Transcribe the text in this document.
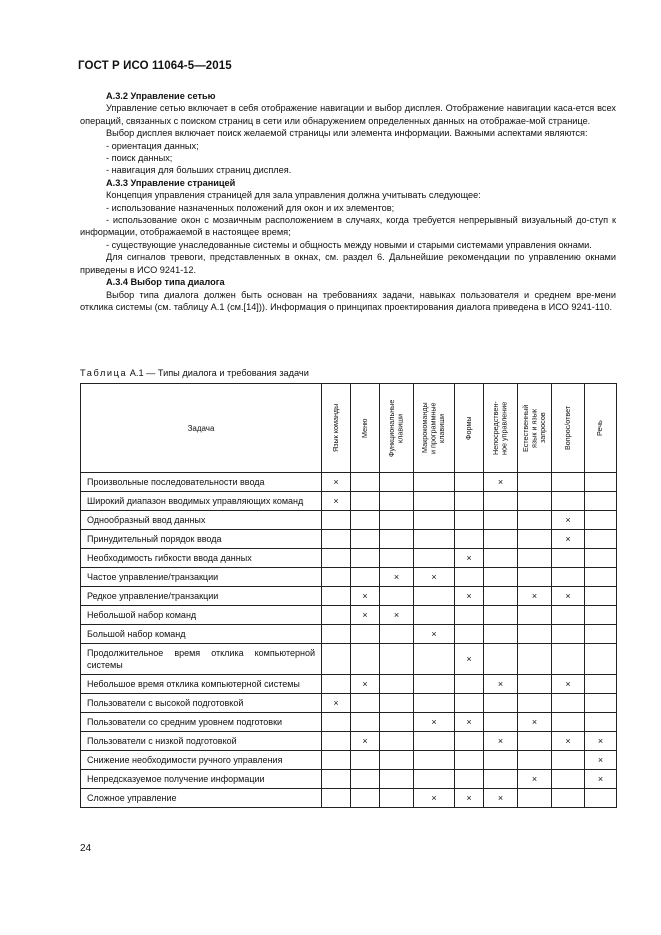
ГОСТ Р ИСО 11064-5—2015

А.3.2 Управление сетью

Управление сетью включает в себя отображение навигации и выбор дисплея. Отображение навигации каса-ется всех операций, связанных с поиском страниц в сети или обнаружением определенных данных на отображае-мой странице.

Выбор дисплея включает поиск желаемой страницы или элемента информации. Важными аспектами являются:

- ориентация данных;

- поиск данных;

- навигация для больших страниц дисплея.

А.3.3 Управление страницей

Концепция управления страницей для зала управления должна учитывать следующее:

- использование назначенных положений для окон и их элементов;

- использование окон с мозаичным расположением в случаях, когда требуется непрерывный визуальный до-ступ к информации, отображаемой в настоящее время;

- существующие унаследованные системы и общность между новыми и старыми системами управления окнами.

Для сигналов тревоги, представленных в окнах, см. раздел 6. Дальнейшие рекомендации по управлению окнами приведены в ИСО 9241-12.

А.3.4 Выбор типа диалога

Выбор типа диалога должен быть основан на требованиях задачи, навыках пользователя и среднем вре-мени отклика системы (см. таблицу А.1 (см.[14])). Информация о принципах проектирования диалога приведена в ИСО 9241-110.

Таблица А.1 — Типы диалога и требования задачи
Задача	Язык команды	Меню	Функциональные
клавиши	Макрокоманды
и программные
клавиши	Формы	Непосредствен-
ное управление	Естественный
язык и язык
запросов	Вопрос/ответ	Речь

Произвольные последовательности ввода	×					×			
Широкий диапазон вводимых управляющих команд	×								
Однообразный ввод данных								×	
Принудительный порядок ввода								×	
Необходимость гибкости ввода данных					×				
Частое управление/транзакции			×	×					
Редкое управление/транзакции		×			×		×	×	
Небольшой набор команд		×	×						
Большой набор команд				×					
Продолжительное время отклика компьютерной системы					×				
Небольшое время отклика компьютерной системы		×				×		×	
Пользователи с высокой подготовкой	×								
Пользователи со средним уровнем подготовки				×	×		×		
Пользователи с низкой подготовкой		×				×		×	×
Снижение необходимости ручного управления									×
Непредсказуемое получение информации							×		×
Сложное управление				×	×	×			
24
